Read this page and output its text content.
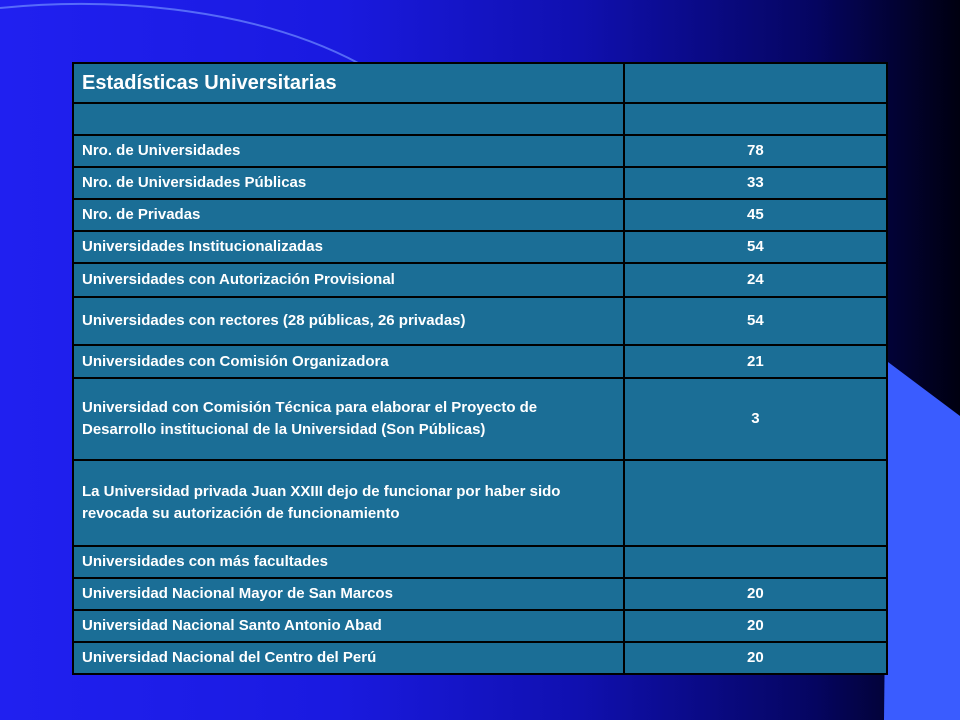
Estadísticas Universitarias	

Nro. de Universidades	78
Nro. de Universidades Públicas	33
Nro. de Privadas	45
Universidades Institucionalizadas	54
Universidades con Autorización Provisional	24
Universidades con rectores (28 públicas, 26 privadas)	54
Universidades con Comisión Organizadora	21
Universidad con Comisión Técnica para elaborar el Proyecto de Desarrollo institucional de la Universidad (Son Públicas)	3
La Universidad privada Juan XXIII dejo de funcionar por haber sido revocada su autorización de funcionamiento	
Universidades con más facultades	
Universidad Nacional Mayor de San Marcos	20
Universidad Nacional Santo Antonio Abad	20
Universidad Nacional del Centro del Perú	20
